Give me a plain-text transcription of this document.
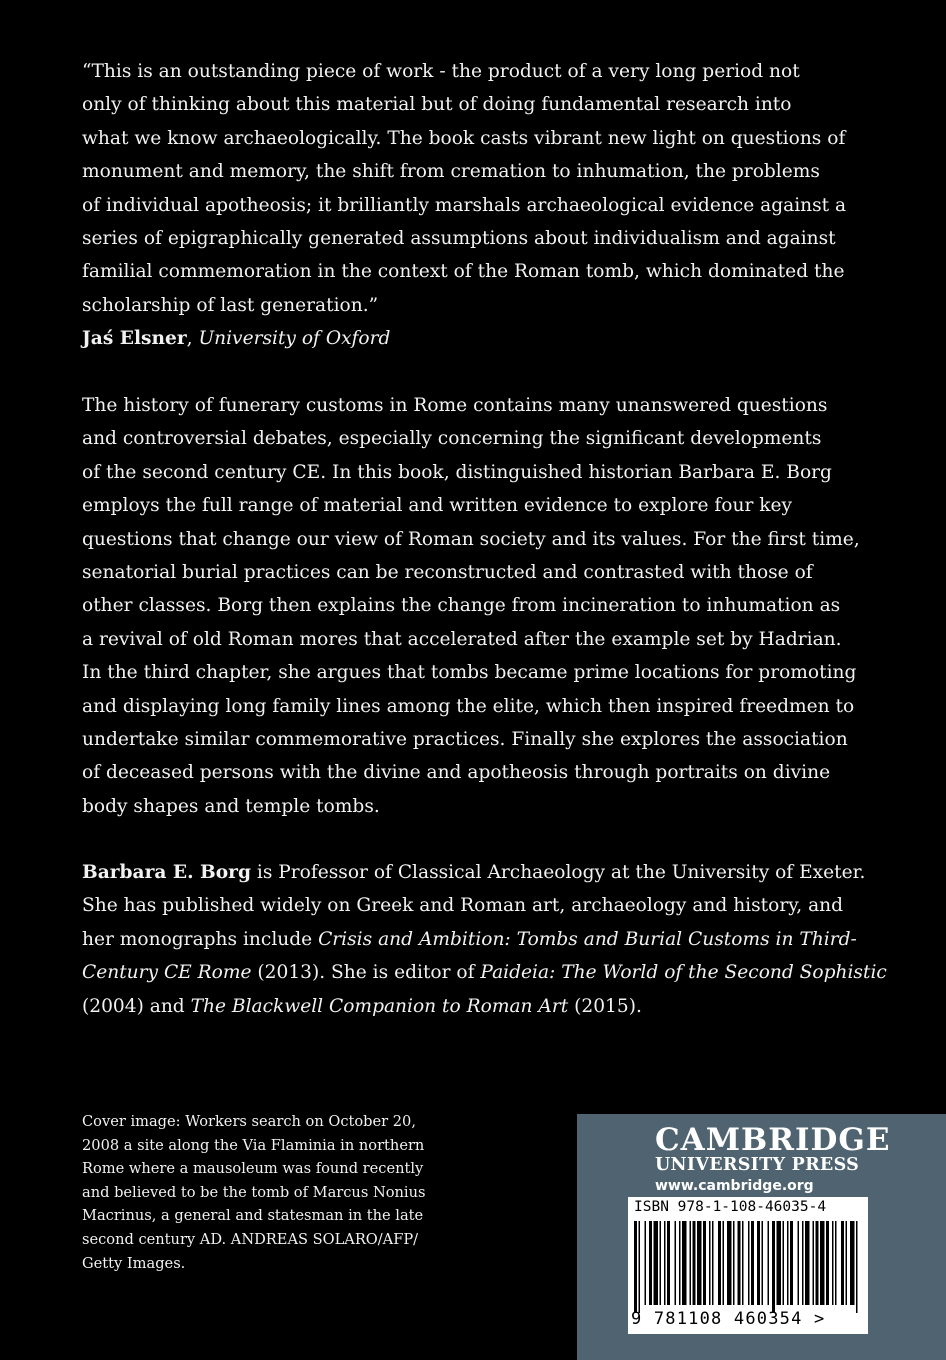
“This is an outstanding piece of work - the product of a very long period not
only of thinking about this material but of doing fundamental research into
what we know archaeologically. The book casts vibrant new light on questions of
monument and memory, the shift from cremation to inhumation, the problems
of individual apotheosis; it brilliantly marshals archaeological evidence against a
series of epigraphically generated assumptions about individualism and against
familial commemoration in the context of the Roman tomb, which dominated the
scholarship of last generation.”
Jaś Elsner, University of Oxford
The history of funerary customs in Rome contains many unanswered questions
and controversial debates, especially concerning the significant developments
of the second century CE. In this book, distinguished historian Barbara E. Borg
employs the full range of material and written evidence to explore four key
questions that change our view of Roman society and its values. For the first time,
senatorial burial practices can be reconstructed and contrasted with those of
other classes. Borg then explains the change from incineration to inhumation as
a revival of old Roman mores that accelerated after the example set by Hadrian.
In the third chapter, she argues that tombs became prime locations for promoting
and displaying long family lines among the elite, which then inspired freedmen to
undertake similar commemorative practices. Finally she explores the association
of deceased persons with the divine and apotheosis through portraits on divine
body shapes and temple tombs.
Barbara E. Borg is Professor of Classical Archaeology at the University of Exeter.
She has published widely on Greek and Roman art, archaeology and history, and
her monographs include Crisis and Ambition: Tombs and Burial Customs in Third-
Century CE Rome (2013). She is editor of Paideia: The World of the Second Sophistic
(2004) and The Blackwell Companion to Roman Art (2015).
Cover image: Workers search on October 20,
2008 a site along the Via Flaminia in northern
Rome where a mausoleum was found recently
and believed to be the tomb of Marcus Nonius
Macrinus, a general and statesman in the late
second century AD. ANDREAS SOLARO/AFP/
Getty Images.
CAMBRIDGE
UNIVERSITY PRESS
www.cambridge.org
ISBN 978-1-108-46035-4
9 781108 460354 >
